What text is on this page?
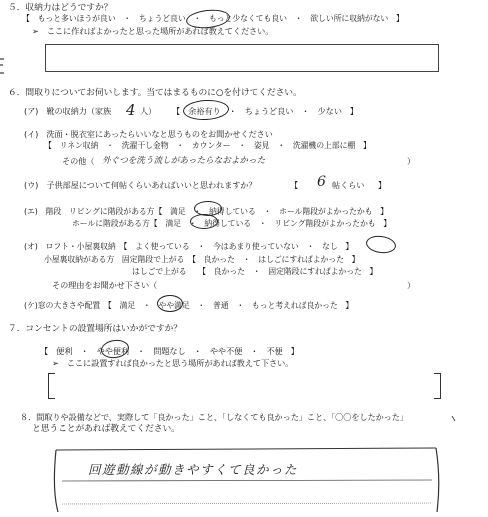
５．収納力はどうですか？
【　もっと多いほうが良い　・　ちょうど良い　・　もっと少なくても良い　・　欲しい所に収納がない　】
➢　ここに作ればよかったと思った場所があれば教えてください。
６．間取りについてお伺いします。当てはまるものに○を付けてください。
(ア)　靴の収納力（家族 4 人） 【　余裕有り　・　ちょうど良い　・　少ない　】
(イ)　洗面・脱衣室にあったらいいなと思うものをお聞かせください
【　リネン収納　・　洗濯干し金物　・　カウンター　・　姿見　・　洗濯機の上部に棚　】
その他（ 外ぐつを洗う流しがあったらなおよかった	）
(ウ)　子供部屋について何帖くらいあればいいと思われますか？	【 6 帖くらい 】
(エ)　階段　リビングに階段がある方【　満足　・　納得している　・　ホール階段がよかったかも　】
ホールに階段がある方【　満足　・　納得している　・　リビング階段がよかったかも　】
(オ)　ロフト・小屋裏収納　【　よく使っている　・　今はあまり使っていない　・　なし　】
小屋裏収納がある方　固定階段で上がる　【　良かった　・　はしごにすればよかった　】
はしごで上がる　　【　良かった　・　固定階段にすればよかった　】
その理由をお聞かせ下さい（	）
(ケ)窓の大きさや配置　【　満足　・　やや満足　・　普通　・　もっと考えれば良かった　】
７．コンセントの設置場所はいかがですか？
【　便利　・　やや便利　・　問題なし　・　やや不便　・　不便　】
➢　ここに設置すれば良かったと思う場所があれば教えて下さい。
８．間取りや設備などで、実際して「良かった」こと、「しなくても良かった」こと、「〇〇をしたかった」
と思うことがあれば教えてください。
回遊動線が動きやすくて良かった
